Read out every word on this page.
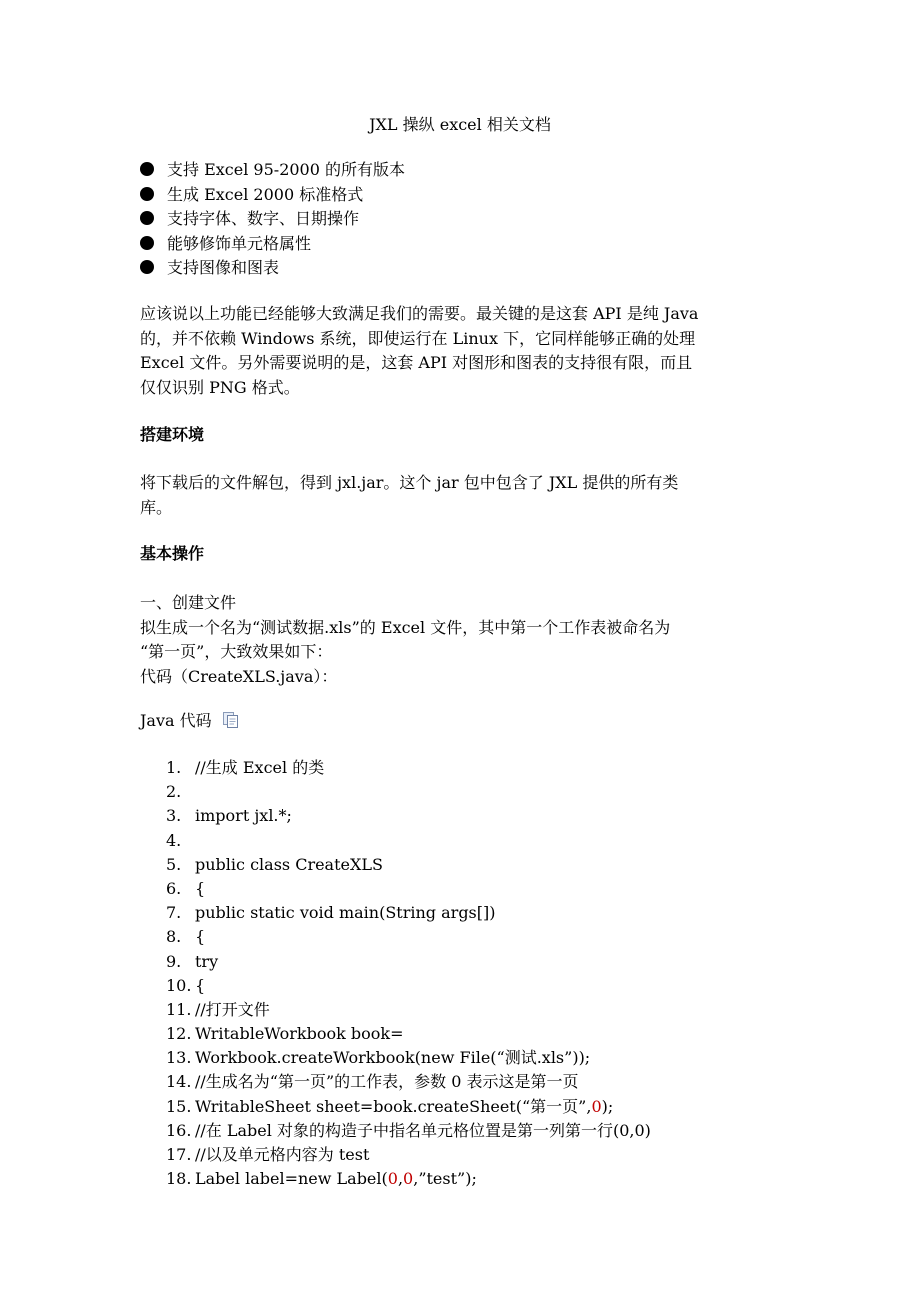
JXL 操纵 excel 相关文档
支持 Excel 95-2000 的所有版本
生成 Excel 2000 标准格式
支持字体、数字、日期操作
能够修饰单元格属性
支持图像和图表
应该说以上功能已经能够大致满足我们的需要。最关键的是这套 API 是纯 Java
的，并不依赖 Windows 系统，即使运行在 Linux 下，它同样能够正确的处理
Excel 文件。另外需要说明的是，这套 API 对图形和图表的支持很有限，而且
仅仅识别 PNG 格式。
搭建环境
将下载后的文件解包，得到 jxl.jar。这个 jar 包中包含了 JXL 提供的所有类
库。
基本操作
一、创建文件
拟生成一个名为“测试数据.xls”的 Excel 文件，其中第一个工作表被命名为
“第一页”，大致效果如下：
代码（CreateXLS.java）：
Java 代码
1. //生成 Excel 的类
2.
3. import jxl.*;
4.
5. public class CreateXLS
6. {
7. public static void main(String args[])
8. {
9. try
10. {
11. //打开文件
12. WritableWorkbook book=
13. Workbook.createWorkbook(new File(“测试.xls”));
14. //生成名为“第一页”的工作表，参数 0 表示这是第一页
15. WritableSheet sheet=book.createSheet(“第一页”,0);
16. //在 Label 对象的构造子中指名单元格位置是第一列第一行(0,0)
17. //以及单元格内容为 test
18. Label label=new Label(0,0,”test”);
